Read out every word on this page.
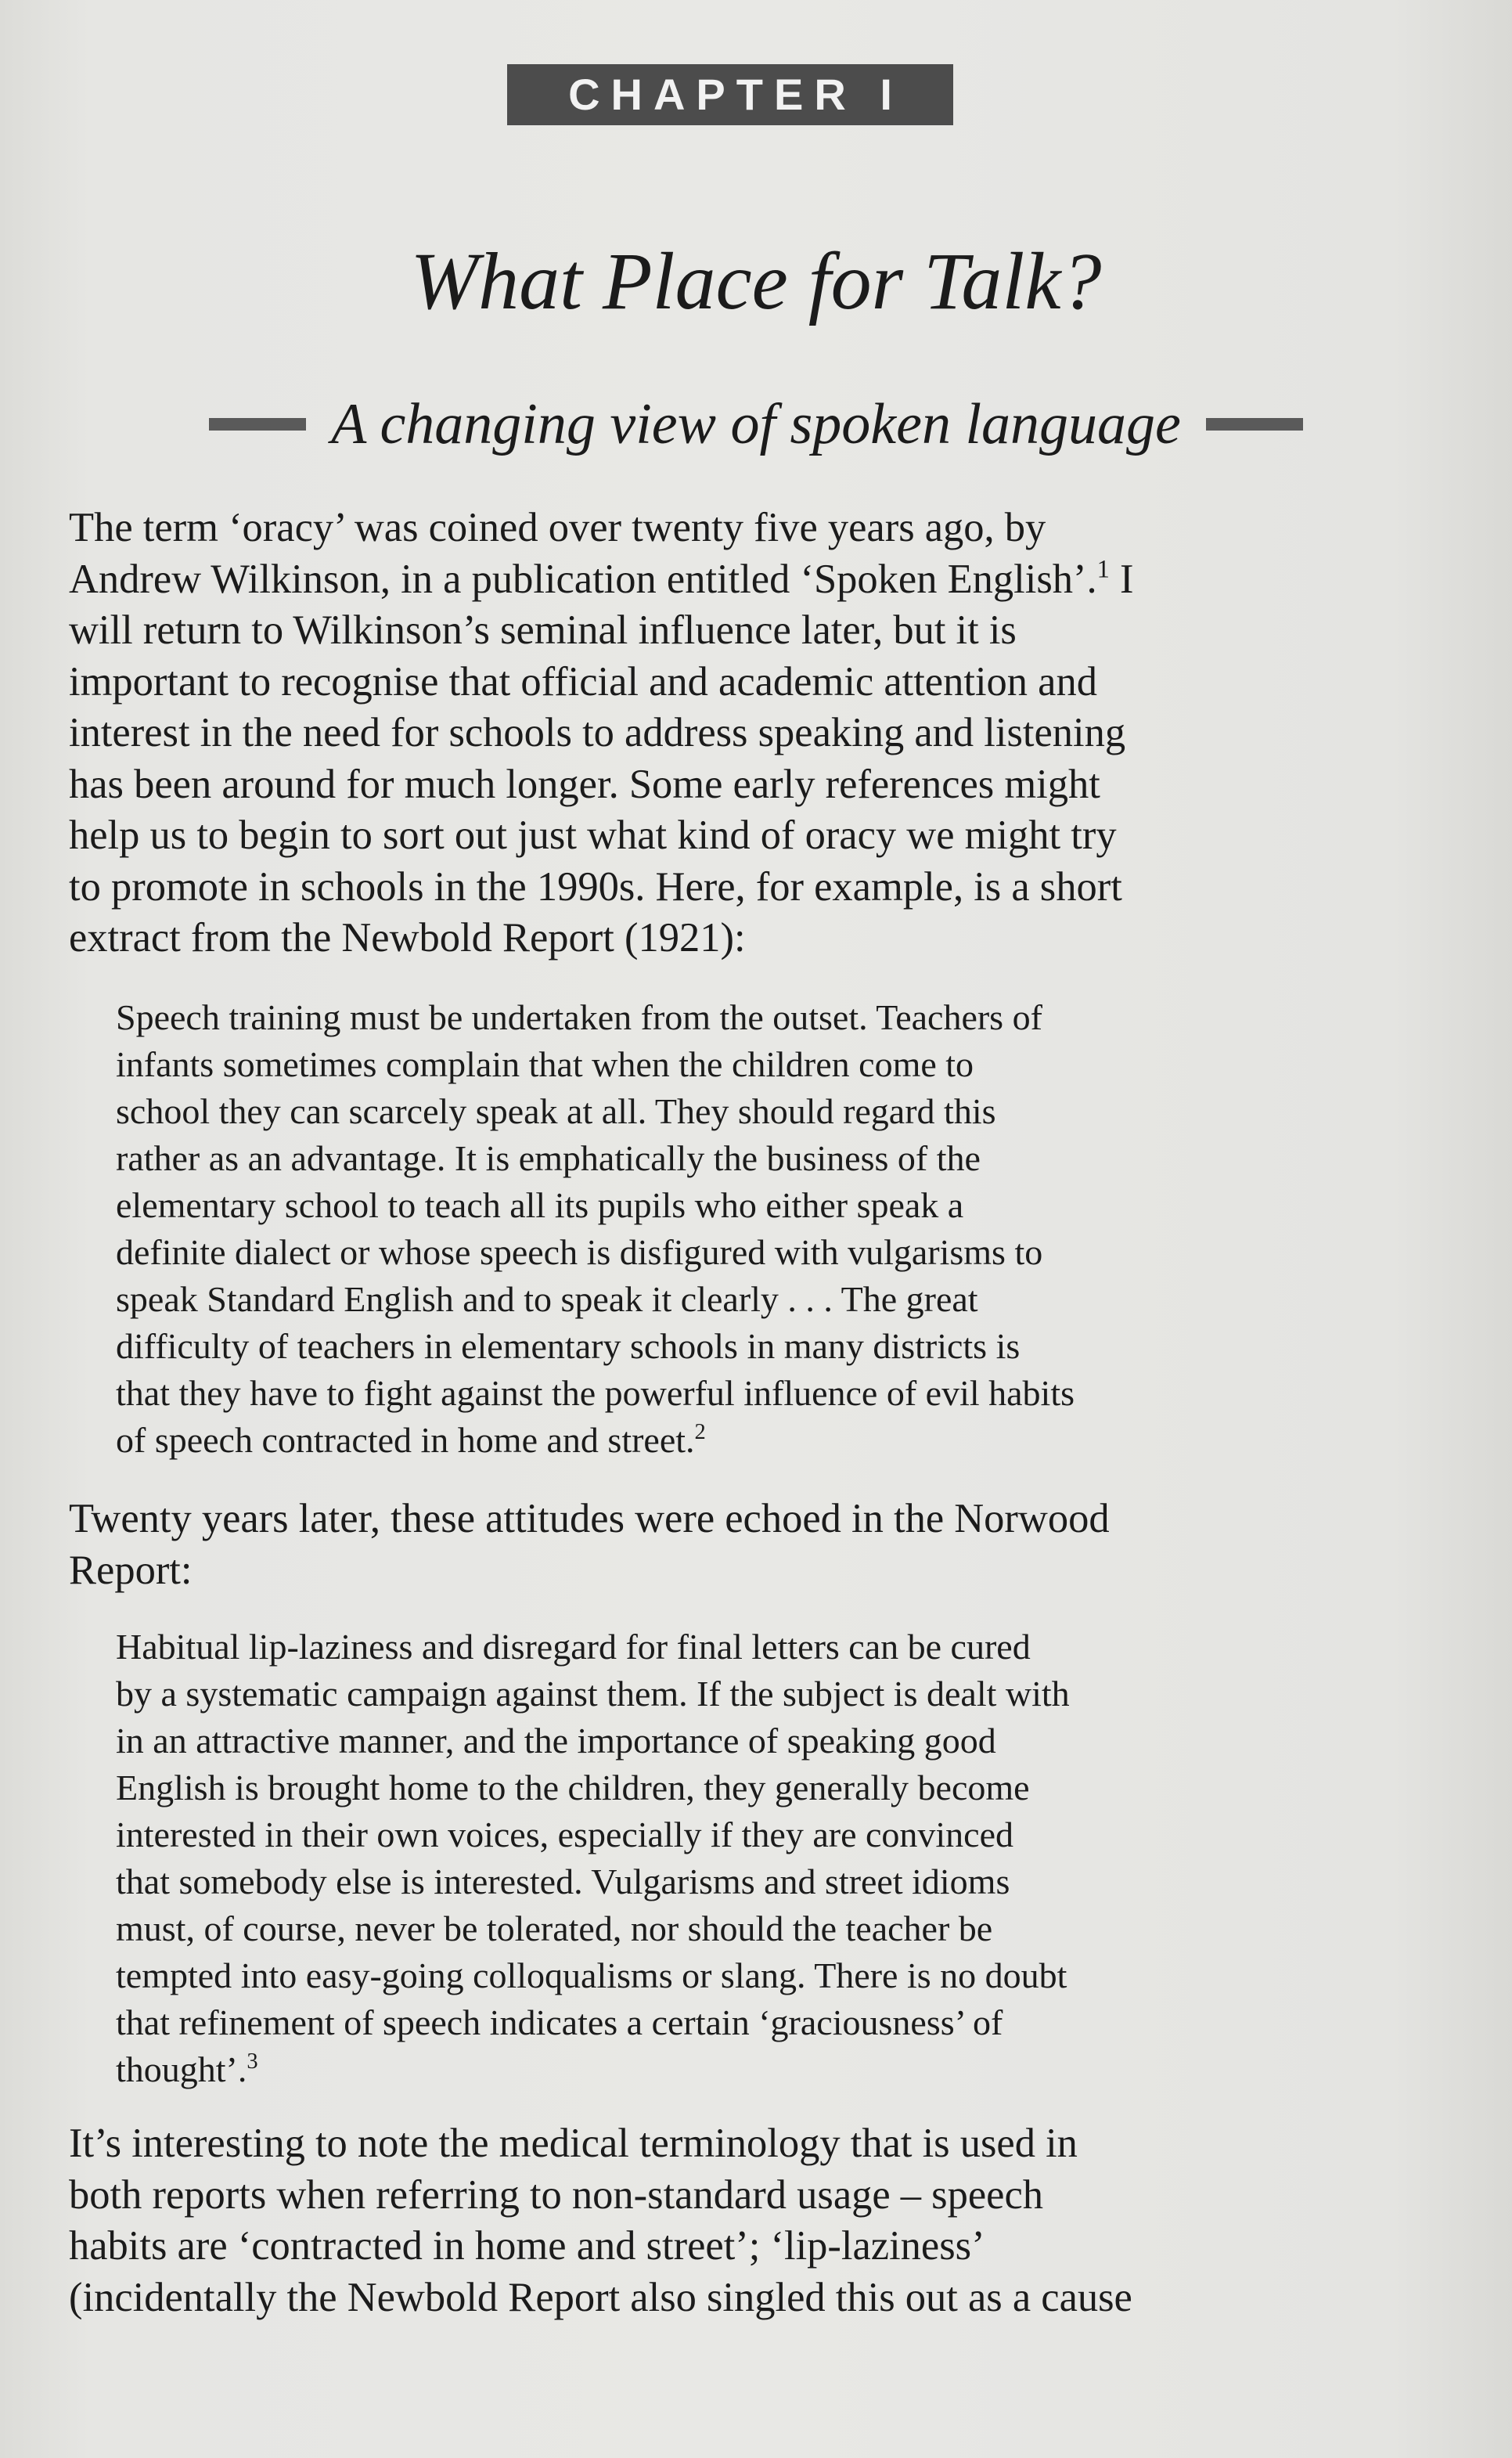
CHAPTER I
What Place for Talk?
A changing view of spoken language

The term ‘oracy’ was coined over twenty five years ago, by
Andrew Wilkinson, in a publication entitled ‘Spoken English’.$^1$ I
will return to Wilkinson’s seminal influence later, but it is
important to recognise that official and academic attention and
interest in the need for schools to address speaking and listening
has been around for much longer. Some early references might
help us to begin to sort out just what kind of oracy we might try
to promote in schools in the 1990s. Here, for example, is a short
extract from the Newbold Report (1921):

Speech training must be undertaken from the outset. Teachers of
infants sometimes complain that when the children come to
school they can scarcely speak at all. They should regard this
rather as an advantage. It is emphatically the business of the
elementary school to teach all its pupils who either speak a
definite dialect or whose speech is disfigured with vulgarisms to
speak Standard English and to speak it clearly . . . The great
difficulty of teachers in elementary schools in many districts is
that they have to fight against the powerful influence of evil habits
of speech contracted in home and street.$^2$

Twenty years later, these attitudes were echoed in the Norwood
Report:

Habitual lip-laziness and disregard for final letters can be cured
by a systematic campaign against them. If the subject is dealt with
in an attractive manner, and the importance of speaking good
English is brought home to the children, they generally become
interested in their own voices, especially if they are convinced
that somebody else is interested. Vulgarisms and street idioms
must, of course, never be tolerated, nor should the teacher be
tempted into easy-going colloqualisms or slang. There is no doubt
that refinement of speech indicates a certain ‘graciousness’ of
thought’.$^3$

It’s interesting to note the medical terminology that is used in
both reports when referring to non-standard usage – speech
habits are ‘contracted in home and street’; ‘lip-laziness’
(incidentally the Newbold Report also singled this out as a cause
